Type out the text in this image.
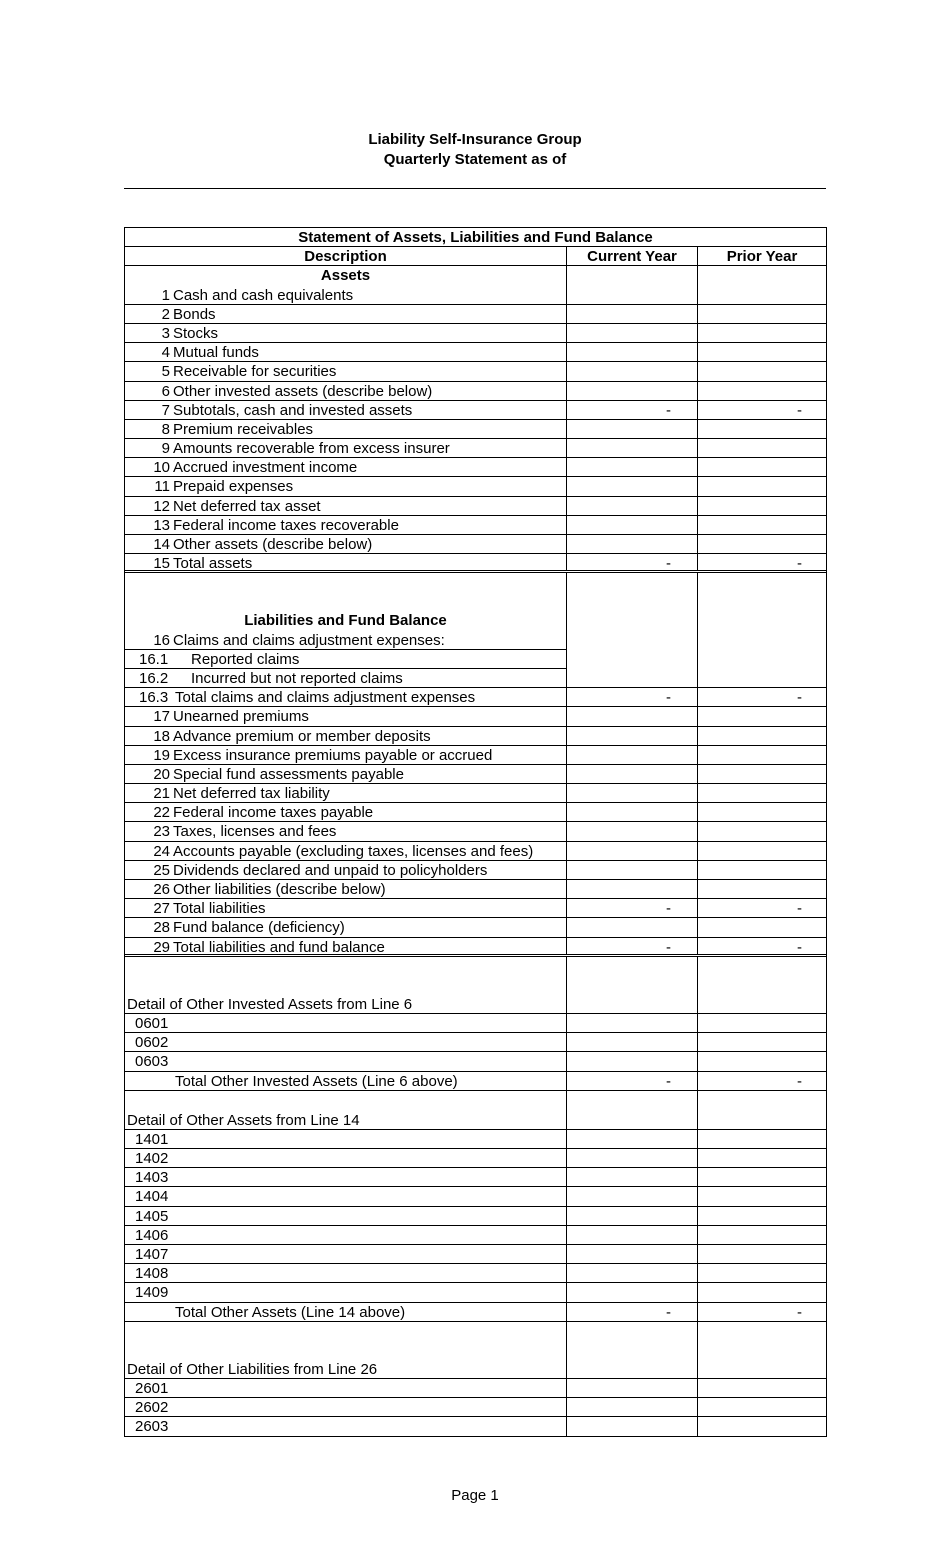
Liability Self-Insurance Group
Quarterly Statement as of
Statement of Assets, Liabilities and Fund Balance
Description	Current Year	Prior Year
Assets
1 Cash and cash equivalents
2 Bonds
3 Stocks
4 Mutual funds
5 Receivable for securities
6 Other invested assets (describe below)
7 Subtotals, cash and invested assets	-	-
8 Premium receivables
9 Amounts recoverable from excess insurer
10 Accrued investment income
11 Prepaid expenses
12 Net deferred tax asset
13 Federal income taxes recoverable
14 Other assets (describe below)
15 Total assets	-	-
Liabilities and Fund Balance
16 Claims and claims adjustment expenses:
16.1 Reported claims
16.2 Incurred but not reported claims
16.3 Total claims and claims adjustment expenses	-	-
17 Unearned premiums
18 Advance premium or member deposits
19 Excess insurance premiums payable or accrued
20 Special fund assessments payable
21 Net deferred tax liability
22 Federal income taxes payable
23 Taxes, licenses and fees
24 Accounts payable (excluding taxes, licenses and fees)
25 Dividends declared and unpaid to policyholders
26 Other liabilities (describe below)
27 Total liabilities	-	-
28 Fund balance (deficiency)
29 Total liabilities and fund balance	-	-
Detail of Other Invested Assets from Line 6
0601
0602
0603
Total Other Invested Assets (Line 6 above)	-	-
Detail of Other Assets from Line 14
1401
1402
1403
1404
1405
1406
1407
1408
1409
Total Other Assets (Line 14 above)	-	-
Detail of Other Liabilities from Line 26
2601
2602
2603
Page 1
